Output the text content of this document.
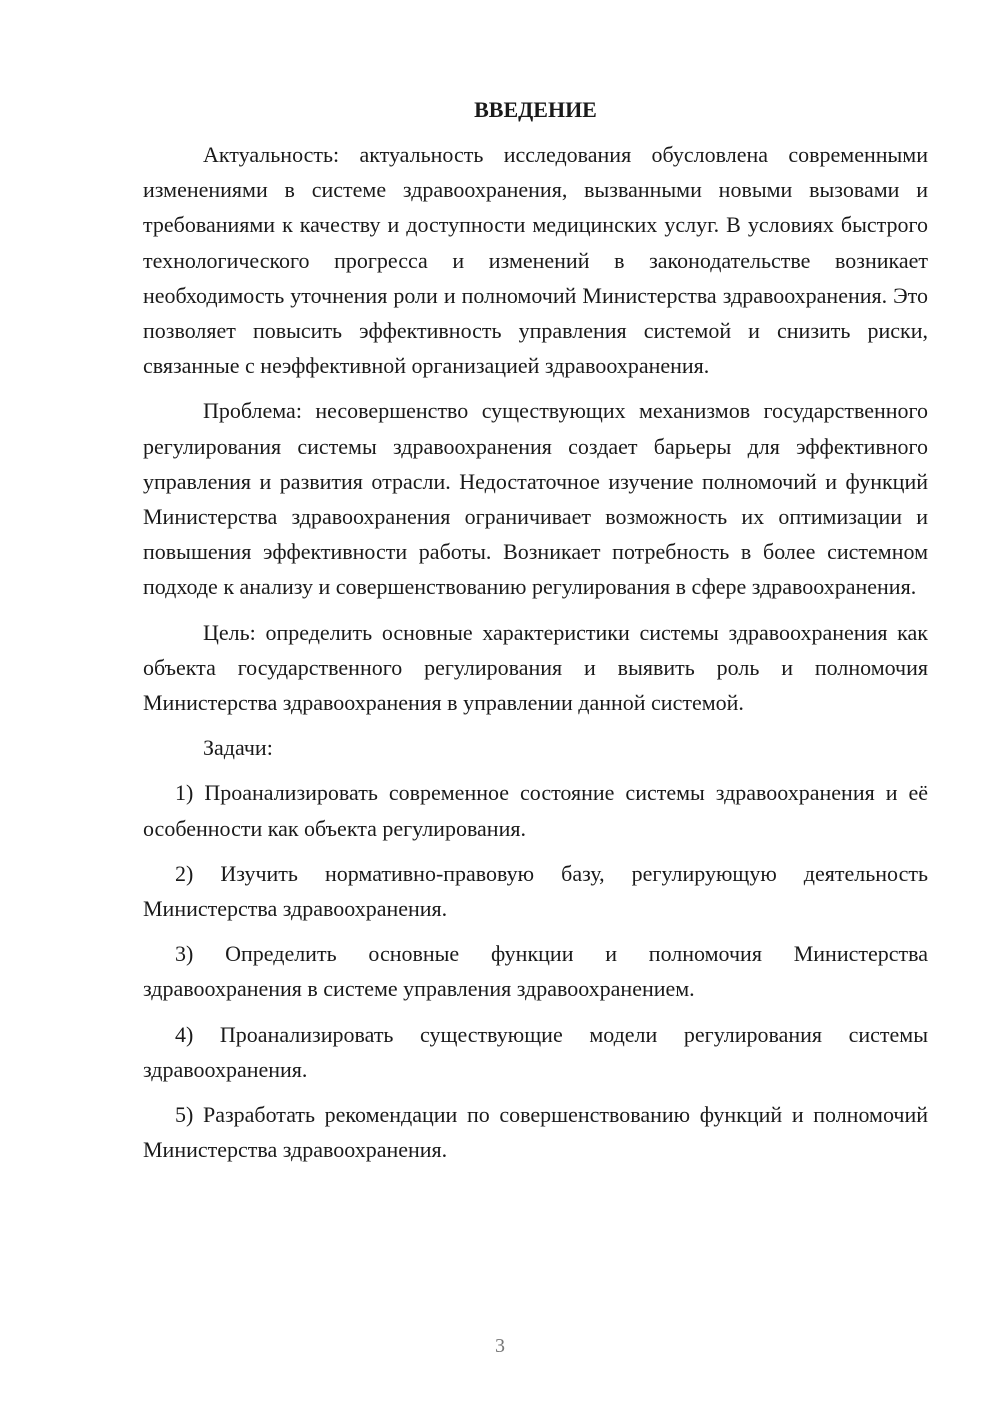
ВВЕДЕНИЕ

Актуальность: актуальность исследования обусловлена современными изменениями в системе здравоохранения, вызванными новыми вызовами и требованиями к качеству и доступности медицинских услуг. В условиях быстрого технологического прогресса и изменений в законодательстве возникает необходимость уточнения роли и полномочий Министерства здравоохранения. Это позволяет повысить эффективность управления системой и снизить риски, связанные с неэффективной организацией здравоохранения.

Проблема: несовершенство существующих механизмов государственного регулирования системы здравоохранения создает барьеры для эффективного управления и развития отрасли. Недостаточное изучение полномочий и функций Министерства здравоохранения ограничивает возможность их оптимизации и повышения эффективности работы. Возникает потребность в более системном подходе к анализу и совершенствованию регулирования в сфере здравоохранения.

Цель: определить основные характеристики системы здравоохранения как объекта государственного регулирования и выявить роль и полномочия Министерства здравоохранения в управлении данной системой.

Задачи:

1) Проанализировать современное состояние системы здравоохранения и её особенности как объекта регулирования.

2) Изучить нормативно-правовую базу, регулирующую деятельность Министерства здравоохранения.

3) Определить основные функции и полномочия Министерства здравоохранения в системе управления здравоохранением.

4) Проанализировать существующие модели регулирования системы здравоохранения.

5) Разработать рекомендации по совершенствованию функций и полномочий Министерства здравоохранения.

3
